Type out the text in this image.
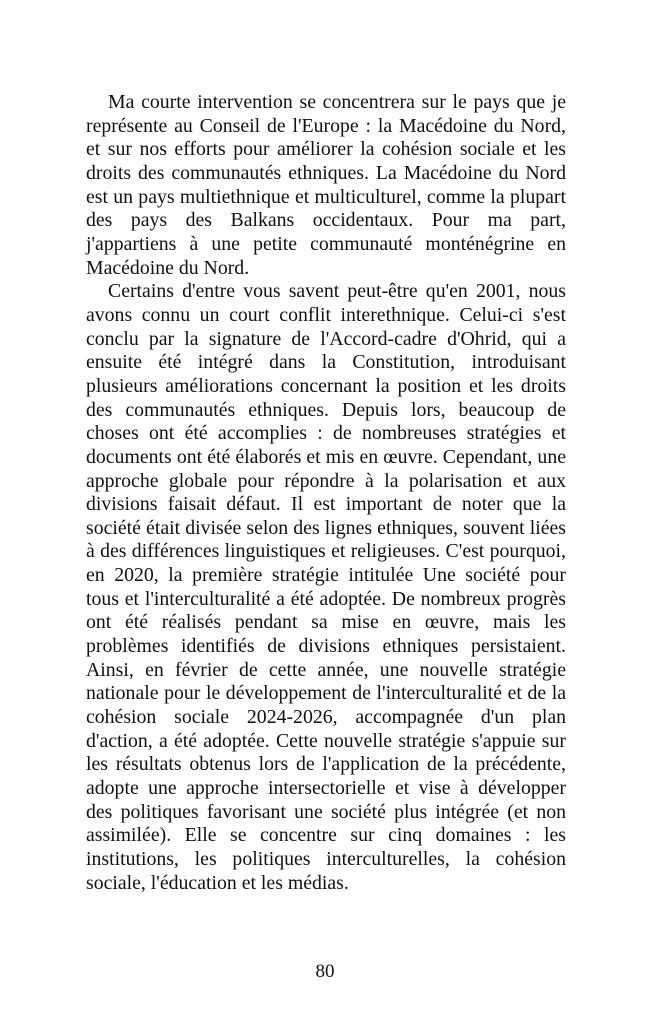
Ma courte intervention se concentrera sur le pays que je représente au Conseil de l'Europe : la Macédoine du Nord, et sur nos efforts pour améliorer la cohésion sociale et les droits des communautés ethniques. La Macédoine du Nord est un pays multiethnique et multiculturel, comme la plupart des pays des Balkans occidentaux. Pour ma part, j'appartiens à une petite communauté monténégrine en Macédoine du Nord.

Certains d'entre vous savent peut-être qu'en 2001, nous avons connu un court conflit interethnique. Celui-ci s'est conclu par la signature de l'Accord-cadre d'Ohrid, qui a ensuite été intégré dans la Constitution, introduisant plusieurs améliorations concernant la position et les droits des communautés ethniques. Depuis lors, beaucoup de choses ont été accomplies : de nombreuses stratégies et documents ont été élaborés et mis en œuvre. Cependant, une approche globale pour répondre à la polarisation et aux divisions faisait défaut. Il est important de noter que la société était divisée selon des lignes ethniques, souvent liées à des différences linguistiques et religieuses. C'est pourquoi, en 2020, la première stratégie intitulée Une société pour tous et l'interculturalité a été adoptée. De nombreux progrès ont été réalisés pendant sa mise en œuvre, mais les problèmes identifiés de divisions ethniques persistaient. Ainsi, en février de cette année, une nouvelle stratégie nationale pour le développement de l'interculturalité et de la cohésion sociale 2024-2026, accompagnée d'un plan d'action, a été adoptée. Cette nouvelle stratégie s'appuie sur les résultats obtenus lors de l'application de la précédente, adopte une approche intersectorielle et vise à développer des politiques favorisant une société plus intégrée (et non assimilée). Elle se concentre sur cinq domaines : les institutions, les politiques interculturelles, la cohésion sociale, l'éducation et les médias.

80
